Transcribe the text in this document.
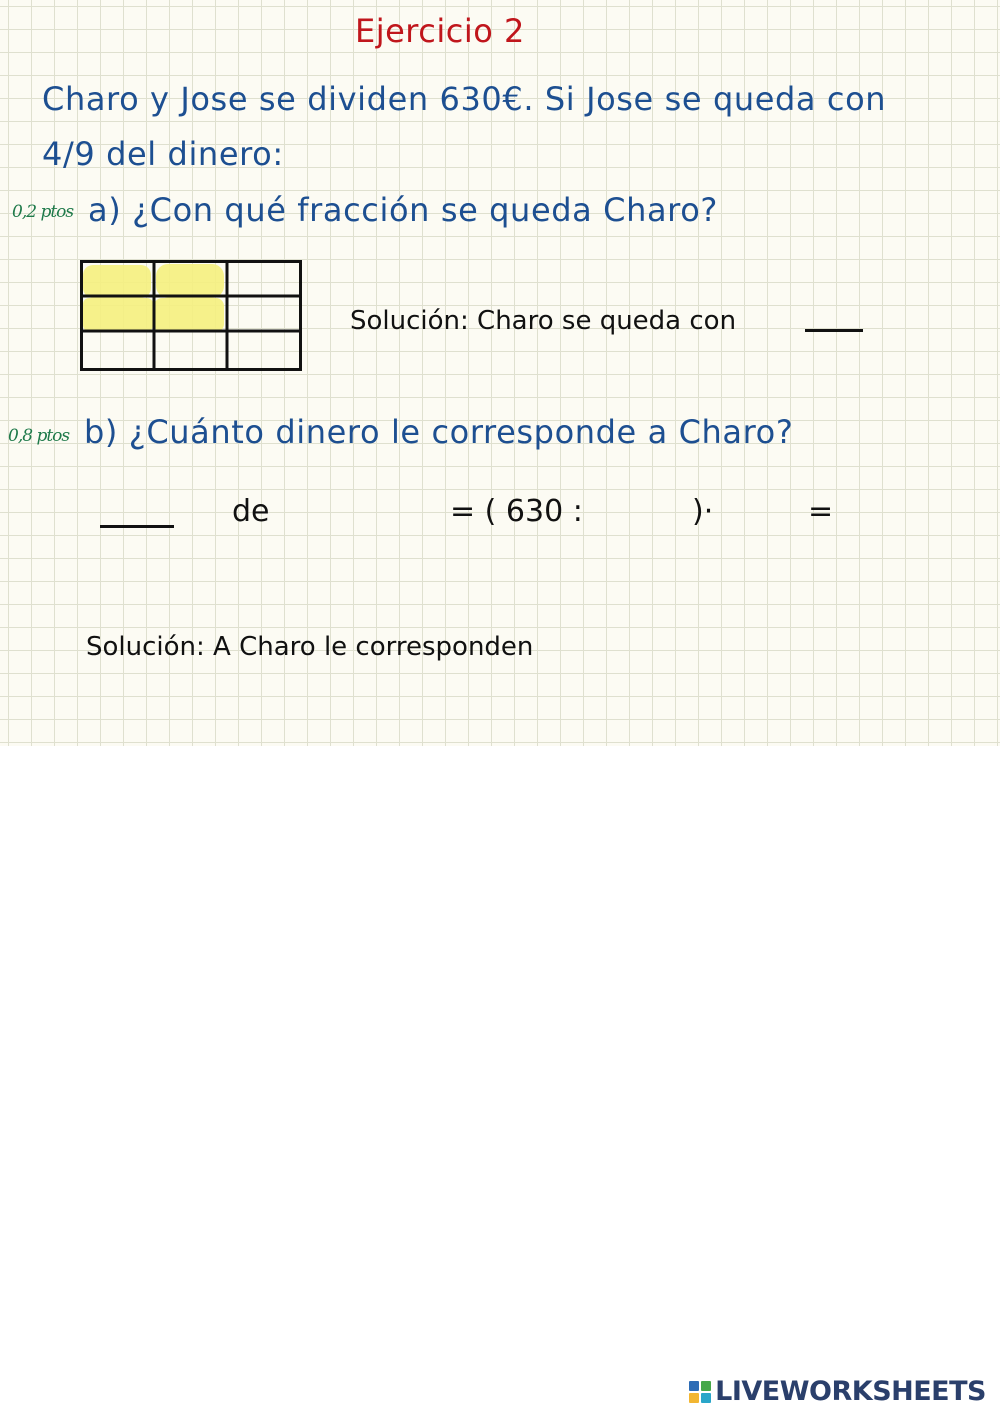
Ejercicio 2
Charo y Jose se dividen 630€. Si Jose se queda con
4/9 del dinero:
0,2 ptos a) ¿Con qué fracción se queda Charo?
Solución: Charo se queda con
0,8 ptos b) ¿Cuánto dinero le corresponde a Charo?
de	= ( 630 :	)·	=
Solución: A Charo le corresponden
LIVEWORKSHEETS
